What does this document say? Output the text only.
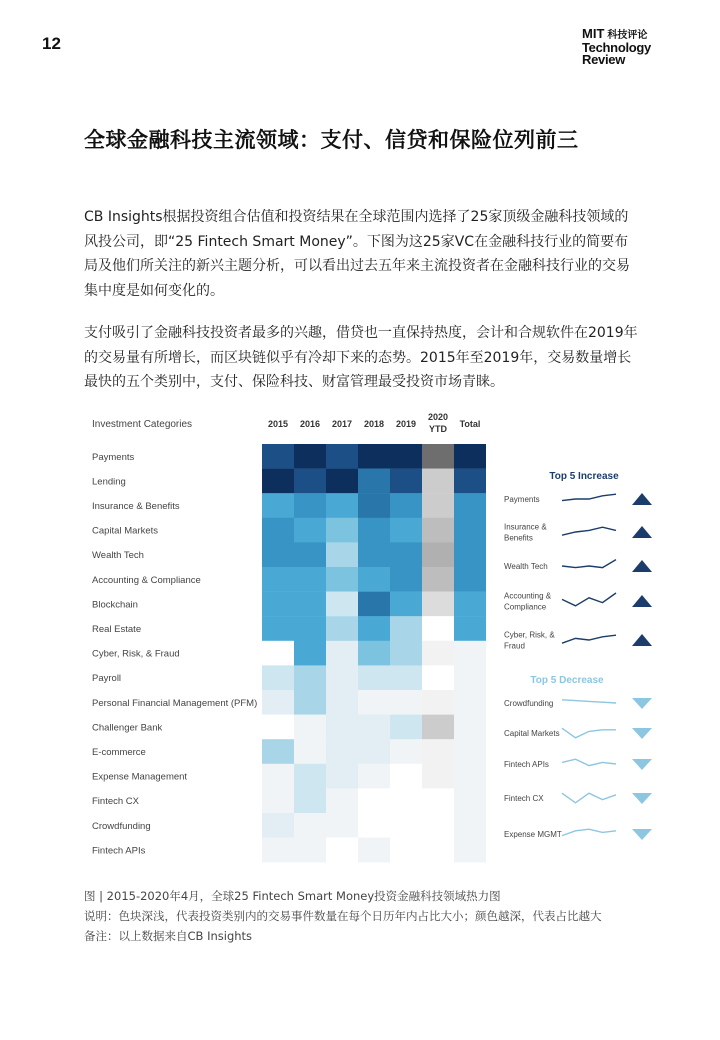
12
MIT 科技评论
Technology
Review
全球金融科技主流领域：支付、信贷和保险位列前三

CB Insights根据投资组合估值和投资结果在全球范围内选择了25家顶级金融科技领域的风投公司，即“25 Fintech Smart Money”。下图为这25家VC在金融科技行业的简要布局及他们所关注的新兴主题分析，可以看出过去五年来主流投资者在金融科技行业的交易集中度是如何变化的。

支付吸引了金融科技投资者最多的兴趣，借贷也一直保持热度，会计和合规软件在2019年的交易量有所增长，而区块链似乎有冷却下来的态势。2015年至2019年，交易数量增长最快的五个类别中，支付、保险科技、财富管理最受投资市场青睐。

Investment Categories	2015 2016 2017 2018 2019
2020
YTD Total
Payments
Lending
Insurance & Benefits
Capital Markets
Wealth Tech
Accounting & Compliance
Blockchain
Real Estate
Cyber, Risk, & Fraud
Payroll
Personal Financial Management (PFM)
Challenger Bank
E-commerce
Expense Management
Fintech CX
Crowdfunding
Fintech APIs
Top 5 Increase
Payments
Insurance &
Benefits
Wealth Tech
Accounting &
Compliance
Cyber, Risk, &
Fraud
Top 5 Decrease
Crowdfunding
Capital Markets
Fintech APIs
Fintech CX
Expense MGMT
图 | 2015-2020年4月，全球25 Fintech Smart Money投资金融科技领域热力图
说明：色块深浅，代表投资类别内的交易事件数量在每个日历年内占比大小；颜色越深，代表占比越大
备注：以上数据来自CB Insights
